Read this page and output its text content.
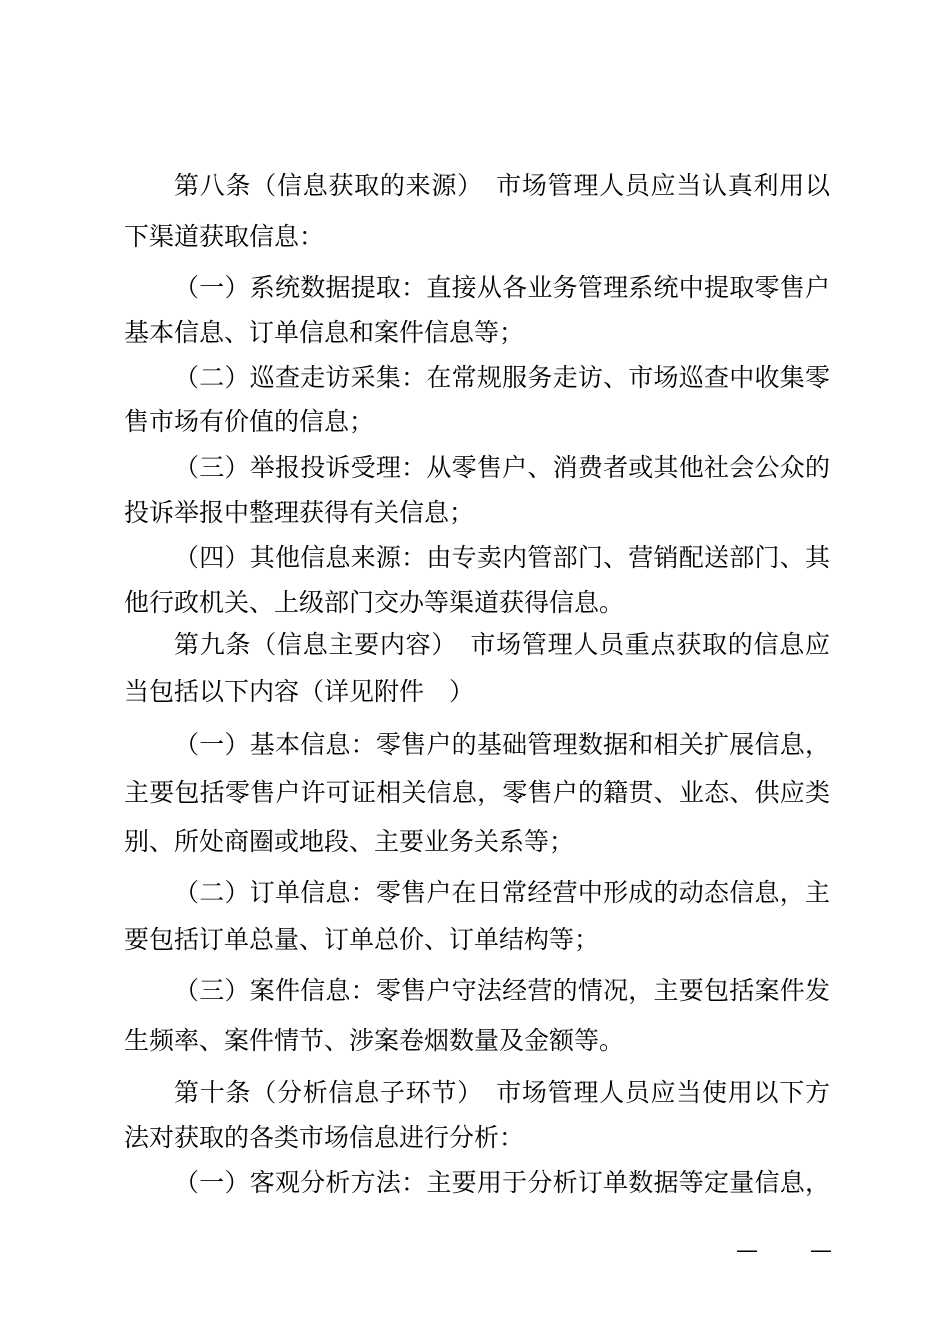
第八条（信息获取的来源）　市场管理人员应当认真利用以
下渠道获取信息：
（一）系统数据提取：直接从各业务管理系统中提取零售户
基本信息、订单信息和案件信息等；
（二）巡查走访采集：在常规服务走访、市场巡查中收集零
售市场有价值的信息；
（三）举报投诉受理：从零售户、消费者或其他社会公众的
投诉举报中整理获得有关信息；
（四）其他信息来源：由专卖内管部门、营销配送部门、其
他行政机关、上级部门交办等渠道获得信息。
第九条（信息主要内容）　市场管理人员重点获取的信息应
当包括以下内容（详见附件　）
（一）基本信息：零售户的基础管理数据和相关扩展信息，
主要包括零售户许可证相关信息，零售户的籍贯、业态、供应类
别、所处商圈或地段、主要业务关系等；
（二）订单信息：零售户在日常经营中形成的动态信息，主
要包括订单总量、订单总价、订单结构等；
（三）案件信息：零售户守法经营的情况，主要包括案件发
生频率、案件情节、涉案卷烟数量及金额等。
第十条（分析信息子环节）　市场管理人员应当使用以下方
法对获取的各类市场信息进行分析：
（一）客观分析方法：主要用于分析订单数据等定量信息，
— —
